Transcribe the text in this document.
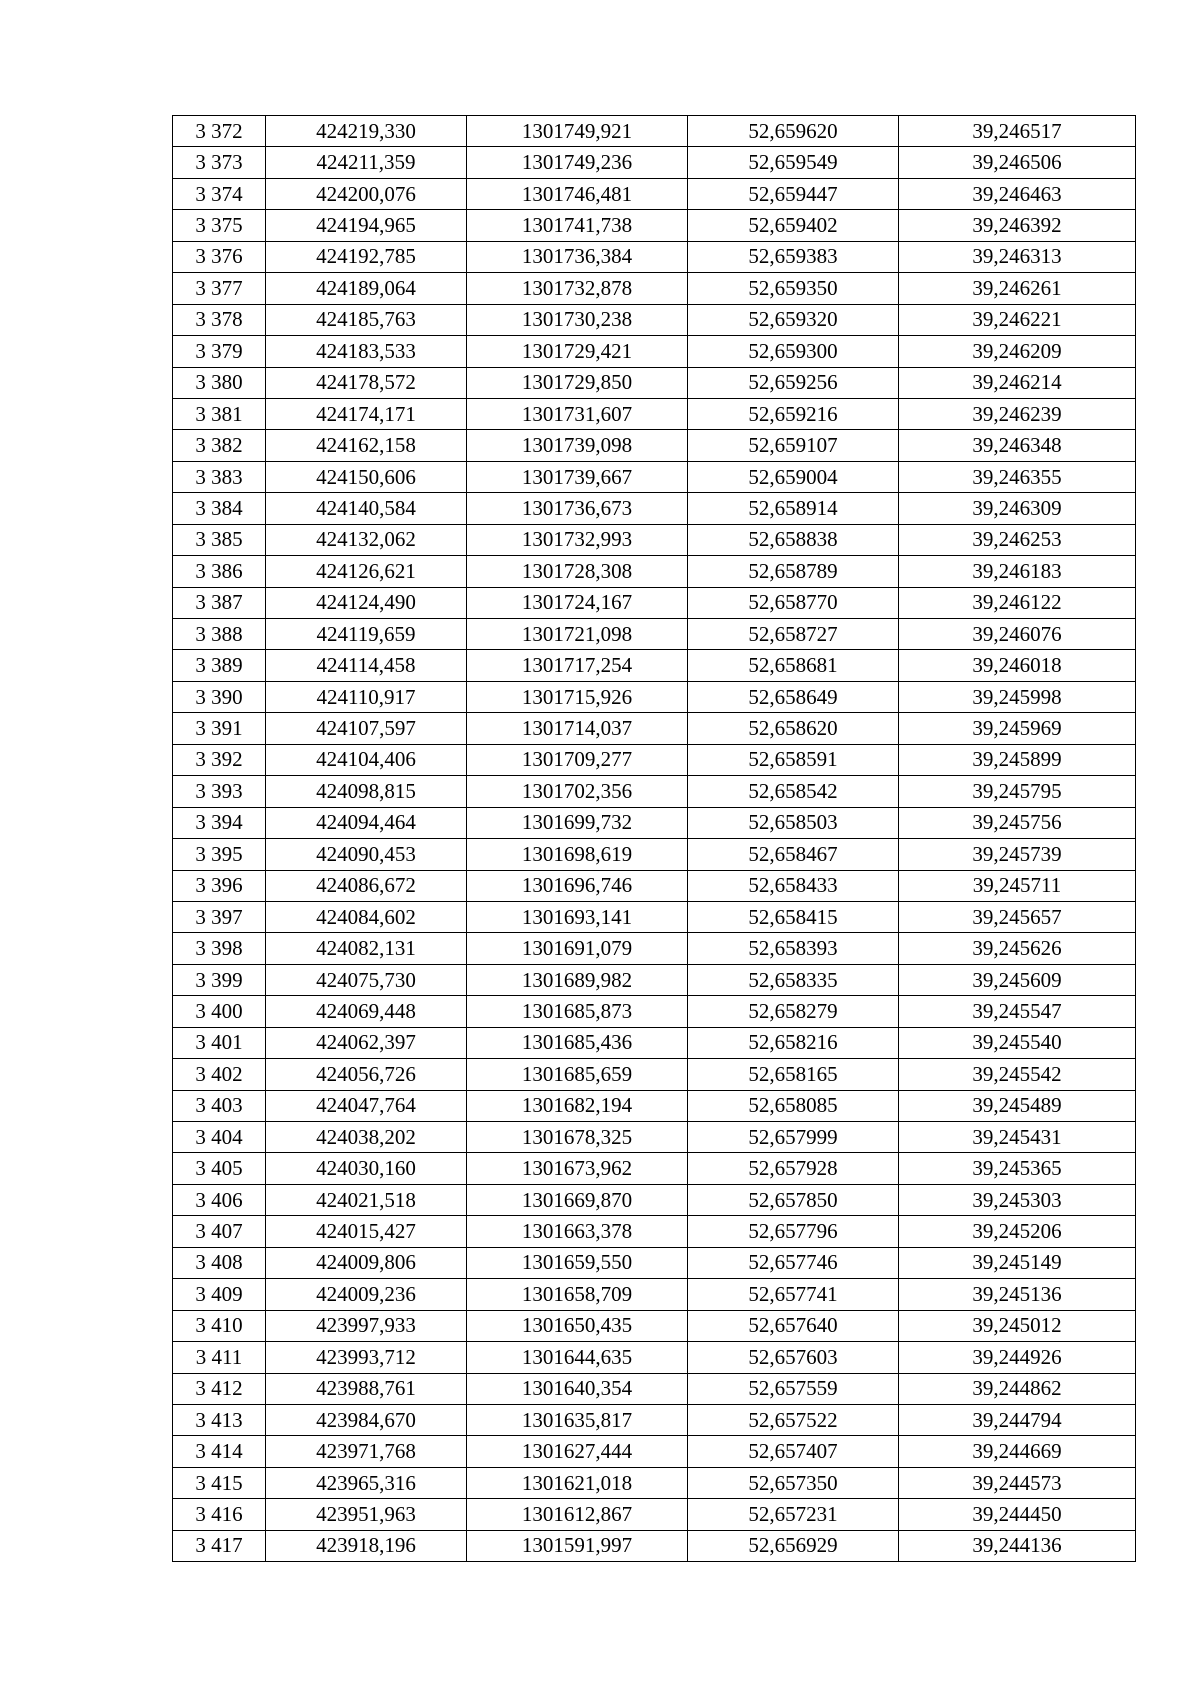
3 372	424219,330	1301749,921	52,659620	39,246517
3 373	424211,359	1301749,236	52,659549	39,246506
3 374	424200,076	1301746,481	52,659447	39,246463
3 375	424194,965	1301741,738	52,659402	39,246392
3 376	424192,785	1301736,384	52,659383	39,246313
3 377	424189,064	1301732,878	52,659350	39,246261
3 378	424185,763	1301730,238	52,659320	39,246221
3 379	424183,533	1301729,421	52,659300	39,246209
3 380	424178,572	1301729,850	52,659256	39,246214
3 381	424174,171	1301731,607	52,659216	39,246239
3 382	424162,158	1301739,098	52,659107	39,246348
3 383	424150,606	1301739,667	52,659004	39,246355
3 384	424140,584	1301736,673	52,658914	39,246309
3 385	424132,062	1301732,993	52,658838	39,246253
3 386	424126,621	1301728,308	52,658789	39,246183
3 387	424124,490	1301724,167	52,658770	39,246122
3 388	424119,659	1301721,098	52,658727	39,246076
3 389	424114,458	1301717,254	52,658681	39,246018
3 390	424110,917	1301715,926	52,658649	39,245998
3 391	424107,597	1301714,037	52,658620	39,245969
3 392	424104,406	1301709,277	52,658591	39,245899
3 393	424098,815	1301702,356	52,658542	39,245795
3 394	424094,464	1301699,732	52,658503	39,245756
3 395	424090,453	1301698,619	52,658467	39,245739
3 396	424086,672	1301696,746	52,658433	39,245711
3 397	424084,602	1301693,141	52,658415	39,245657
3 398	424082,131	1301691,079	52,658393	39,245626
3 399	424075,730	1301689,982	52,658335	39,245609
3 400	424069,448	1301685,873	52,658279	39,245547
3 401	424062,397	1301685,436	52,658216	39,245540
3 402	424056,726	1301685,659	52,658165	39,245542
3 403	424047,764	1301682,194	52,658085	39,245489
3 404	424038,202	1301678,325	52,657999	39,245431
3 405	424030,160	1301673,962	52,657928	39,245365
3 406	424021,518	1301669,870	52,657850	39,245303
3 407	424015,427	1301663,378	52,657796	39,245206
3 408	424009,806	1301659,550	52,657746	39,245149
3 409	424009,236	1301658,709	52,657741	39,245136
3 410	423997,933	1301650,435	52,657640	39,245012
3 411	423993,712	1301644,635	52,657603	39,244926
3 412	423988,761	1301640,354	52,657559	39,244862
3 413	423984,670	1301635,817	52,657522	39,244794
3 414	423971,768	1301627,444	52,657407	39,244669
3 415	423965,316	1301621,018	52,657350	39,244573
3 416	423951,963	1301612,867	52,657231	39,244450
3 417	423918,196	1301591,997	52,656929	39,244136
